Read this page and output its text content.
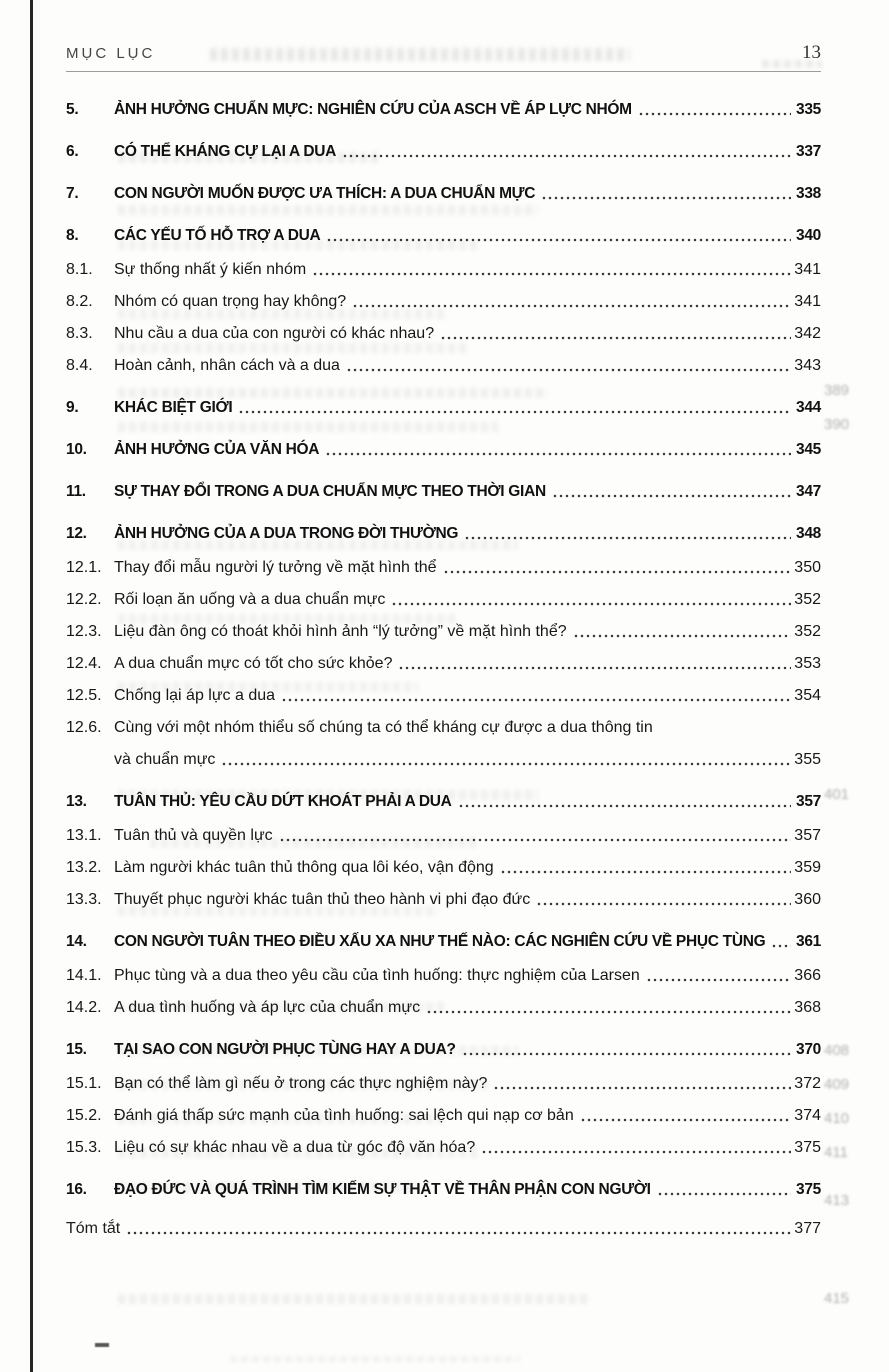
389
390
401
408
409
410
411
413
415
MỤC LỤC	13
5.	ẢNH HƯỞNG CHUẨN MỰC: NGHIÊN CỨU CỦA ASCH VỀ ÁP LỰC NHÓM	335
6.	CÓ THỂ KHÁNG CỰ LẠI A DUA	337
7.	CON NGƯỜI MUỐN ĐƯỢC ƯA THÍCH: A DUA CHUẨN MỰC	338
8.	CÁC YẾU TỐ HỖ TRỢ A DUA	340
8.1.	Sự thống nhất ý kiến nhóm	341
8.2.	Nhóm có quan trọng hay không?	341
8.3.	Nhu cầu a dua của con người có khác nhau?	342
8.4.	Hoàn cảnh, nhân cách và a dua	343
9.	KHÁC BIỆT GIỚI	344
10.	ẢNH HƯỞNG CỦA VĂN HÓA	345
11.	SỰ THAY ĐỔI TRONG A DUA CHUẨN MỰC THEO THỜI GIAN	347
12.	ẢNH HƯỞNG CỦA A DUA TRONG ĐỜI THƯỜNG	348
12.1. Thay đổi mẫu người lý tưởng về mặt hình thể	350
12.2. Rối loạn ăn uống và a dua chuẩn mực	352
12.3. Liệu đàn ông có thoát khỏi hình ảnh “lý tưởng” về mặt hình thể?	352
12.4. A dua chuẩn mực có tốt cho sức khỏe?	353
12.5. Chống lại áp lực a dua	354
12.6. Cùng với một nhóm thiểu số chúng ta có thể kháng cự được a dua thông tin
và chuẩn mực	355
13.	TUÂN THỦ: YÊU CẦU DỨT KHOÁT PHẢI A DUA	357
13.1. Tuân thủ và quyền lực	357
13.2. Làm người khác tuân thủ thông qua lôi kéo, vận động	359
13.3. Thuyết phục người khác tuân thủ theo hành vi phi đạo đức	360
14.	CON NGƯỜI TUÂN THEO ĐIỀU XẤU XA NHƯ THẾ NÀO: CÁC NGHIÊN CỨU VỀ PHỤC TÙNG 361
14.1. Phục tùng và a dua theo yêu cầu của tình huống: thực nghiệm của Larsen	366
14.2. A dua tình huống và áp lực của chuẩn mực	368
15.	TẠI SAO CON NGƯỜI PHỤC TÙNG HAY A DUA?	370
15.1. Bạn có thể làm gì nếu ở trong các thực nghiệm này?	372
15.2. Đánh giá thấp sức mạnh của tình huống: sai lệch qui nạp cơ bản	374
15.3. Liệu có sự khác nhau về a dua từ góc độ văn hóa?	375
16.	ĐẠO ĐỨC VÀ QUÁ TRÌNH TÌM KIẾM SỰ THẬT VỀ THÂN PHẬN CON NGƯỜI	375
Tóm tắt	377
